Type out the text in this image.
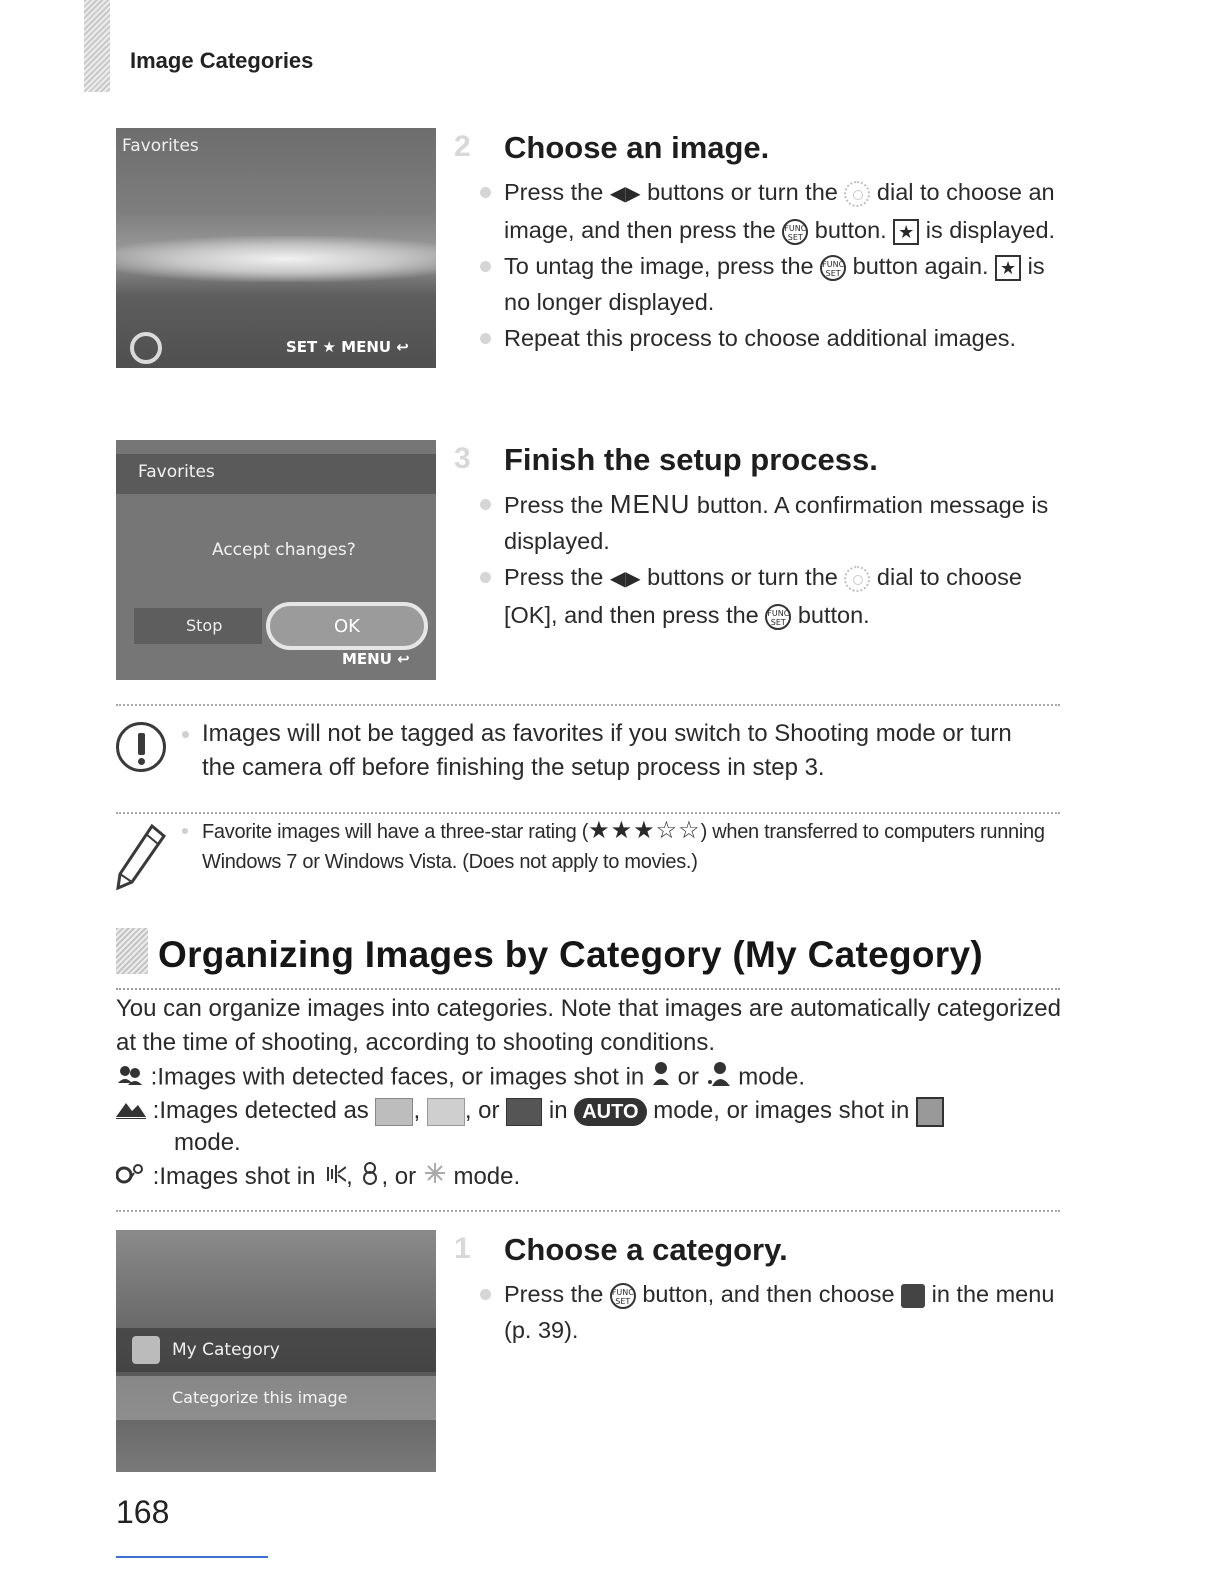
Image Categories
Favorites
SET ★ MENU ↩
2 Choose an image.
Press the ◀▶ buttons or turn the dial to choose an image, and then press the FUNC SET button. ★ is displayed.
To untag the image, press the FUNC SET button again. ★ is no longer displayed.
Repeat this process to choose additional images.
Favorites
Accept changes?
Stop	OK
MENU ↩
3 Finish the setup process.
Press the MENU button. A confirmation message is displayed.
Press the ◀▶ buttons or turn the dial to choose [OK], and then press the FUNC SET button.
Images will not be tagged as favorites if you switch to Shooting mode or turn the camera off before finishing the setup process in step 3.
Favorite images will have a three-star rating (★★★☆☆) when transferred to computers running Windows 7 or Windows Vista. (Does not apply to movies.)
Organizing Images by Category (My Category)
You can organize images into categories. Note that images are automatically categorized at the time of shooting, according to shooting conditions.
:Images with detected faces, or images shot in or mode.
:Images detected as , , or in AUTO mode, or images shot in
mode.
:Images shot in , , or mode.
My Category
Categorize this image
1 Choose a category.
Press the FUNC SET button, and then choose in the menu (p. 39).
168
